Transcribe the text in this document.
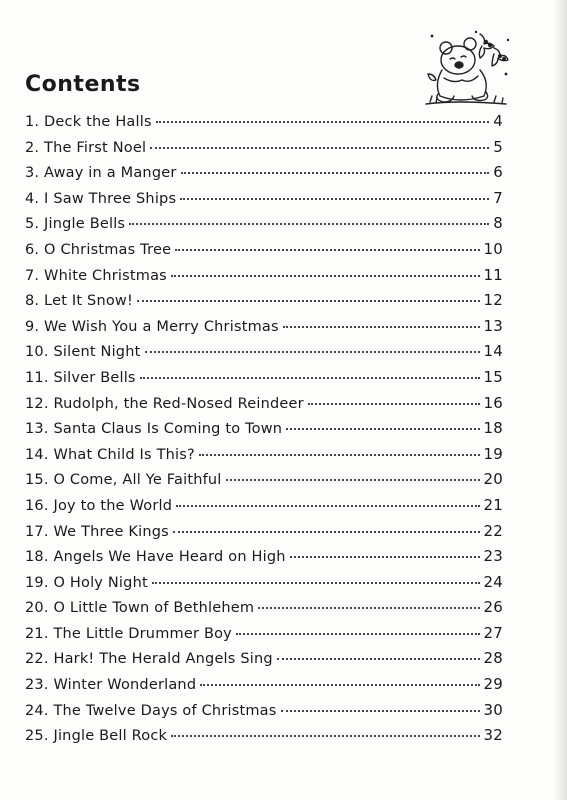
Contents
1. Deck the Halls	4
2. The First Noel	5
3. Away in a Manger	6
4. I Saw Three Ships	7
5. Jingle Bells	8
6. O Christmas Tree	10
7. White Christmas	11
8. Let It Snow!	12
9. We Wish You a Merry Christmas	13
10. Silent Night	14
11. Silver Bells	15
12. Rudolph, the Red-Nosed Reindeer	16
13. Santa Claus Is Coming to Town	18
14. What Child Is This?	19
15. O Come, All Ye Faithful	20
16. Joy to the World	21
17. We Three Kings	22
18. Angels We Have Heard on High	23
19. O Holy Night	24
20. O Little Town of Bethlehem	26
21. The Little Drummer Boy	27
22. Hark! The Herald Angels Sing	28
23. Winter Wonderland	29
24. The Twelve Days of Christmas	30
25. Jingle Bell Rock	32
